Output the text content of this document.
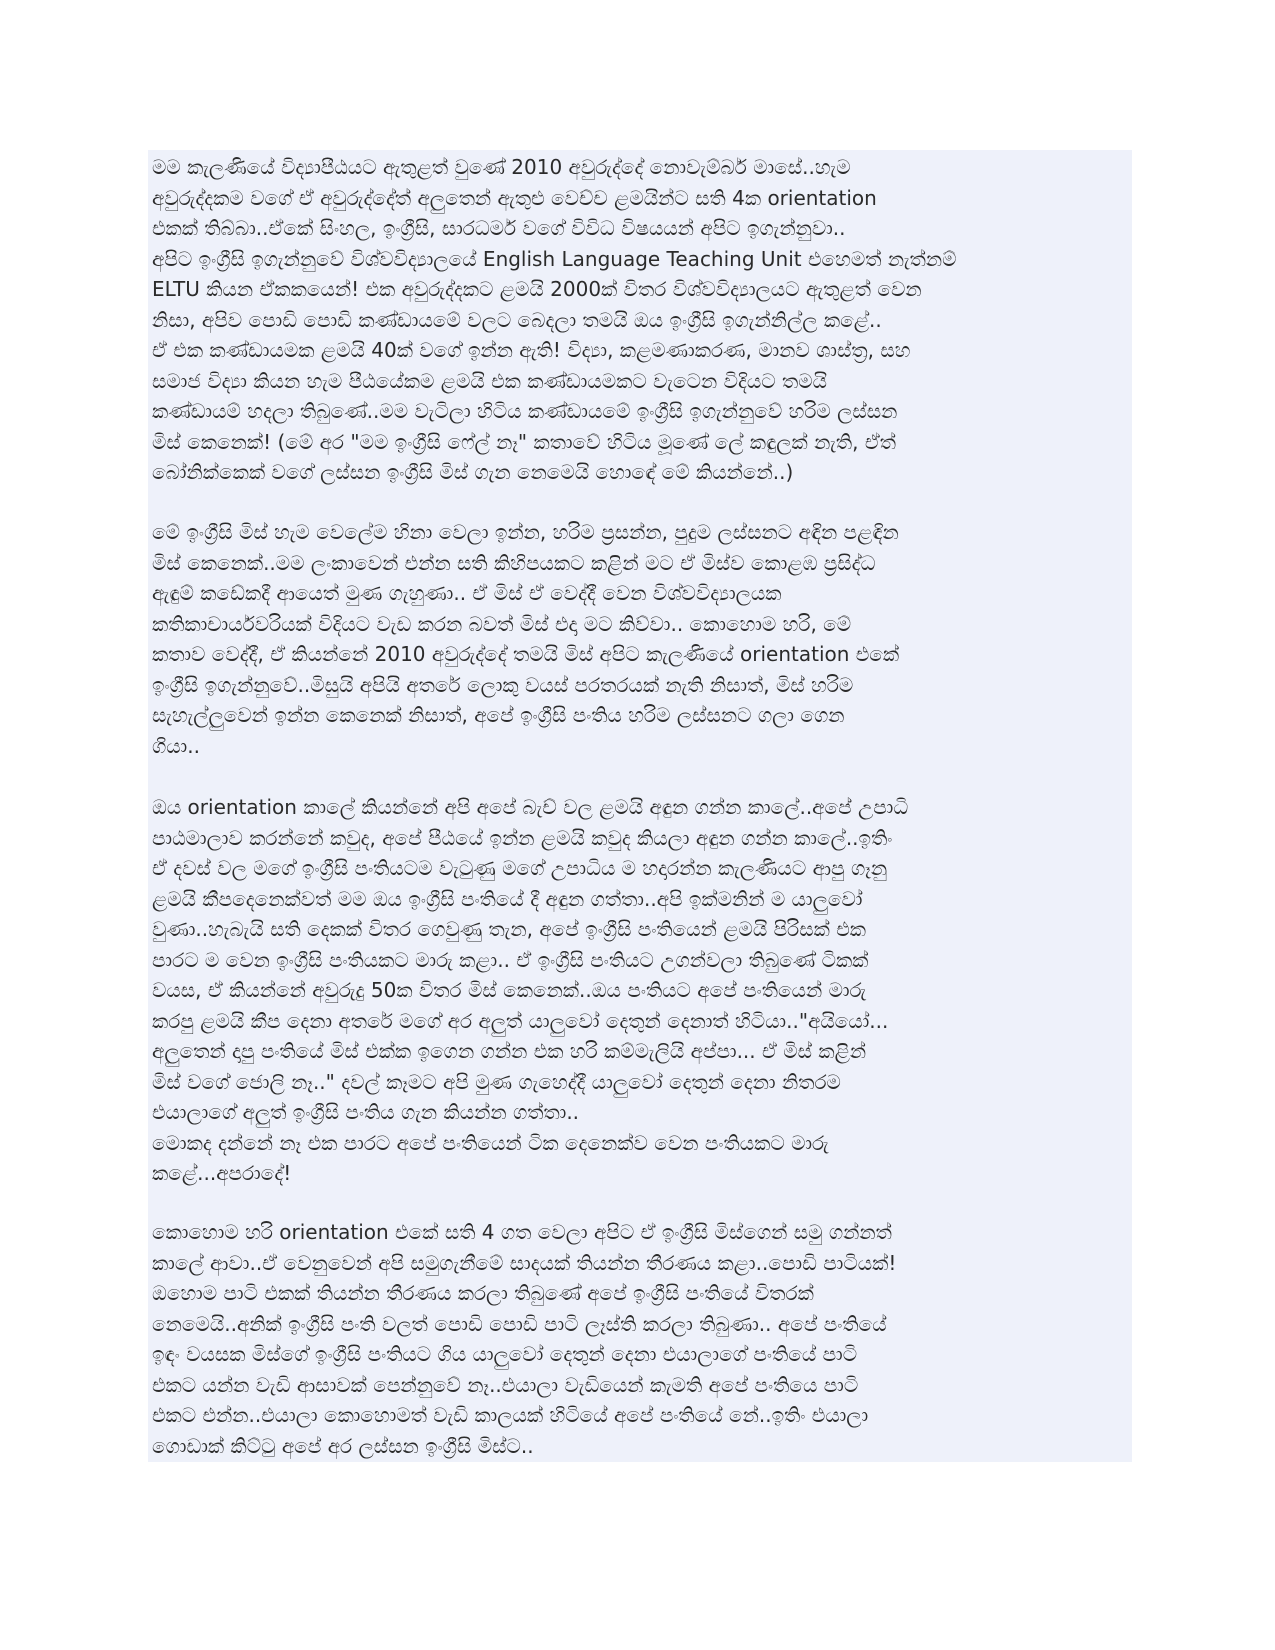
මම කැලණියේ විද්‍යාපීඨයට ඇතුළත් වුණේ 2010 අවුරුද්දේ නොවැම්බර් මාසේ..හැම
අවුරුද්දකම වගේ ඒ අවුරුද්දේත් අලුතෙන් ඇතුළු වෙච්ච ළමයින්ට සති 4ක orientation
එකක් තිබ්බා..ඒකේ සිංහල, ඉංග්‍රීසි, සාරධර්ම වගේ විවිධ විෂයයන් අපිට ඉගැන්නුවා..
අපිට ඉංග්‍රීසි ඉගැන්නුවේ විශ්වවිද්‍යාලයේ English Language Teaching Unit එහෙමත් නැත්නම්
ELTU කියන ඒකකයෙන්! එක අවුරුද්දකට ළමයි 2000ක් විතර විශ්වවිද්‍යාලයට ඇතුළත් වෙන
නිසා, අපිව පොඩි පොඩි කණ්ඩායමේ වලට බෙදලා තමයි ඔය ඉංග්‍රීසි ඉගැන්නිල්ල කළේ..
ඒ එක කණ්ඩායමක ළමයි 40ක් වගේ ඉන්න ඇති! විද්‍යා, කළමණාකරණ, මානව ශාස්ත්‍ර, සහ
සමාජ විද්‍යා කියන හැම පීඨයේකම ළමයි එක කණ්ඩායමකට වැටෙන විදියට තමයි
කණ්ඩායම් හදලා තිබුණේ..මම වැටිලා හිටිය කණ්ඩායමේ ඉංග්‍රීසි ඉගැන්නුවේ හරිම ලස්සන
මිස් කෙනෙක්! (මේ අර "මම ඉංග්‍රීසි ෆේල් නෑ" කතාවේ හිටිය මූණේ ලේ කඳුලක් නැති, ඒත්
බෝනික්කෙක් වගේ ලස්සන ඉංග්‍රීසි මිස් ගැන නෙමෙයි හොඳේ මේ කියන්නේ..)

මේ ඉංග්‍රීසි මිස් හැම වෙලේම හිනා වෙලා ඉන්න, හරිම ප්‍රසන්න, පුදුම ලස්සනට අඳින පළඳින
මිස් කෙනෙක්..මම ලංකාවෙන් එන්න සති කිහිපයකට කළින් මට ඒ මිස්ව කොළඹ ප්‍රසිද්ධ
ඇඳුම් කඩේකදී ආයෙත් මුණ ගැහුණා.. ඒ මිස් ඒ වෙද්දී වෙන විශ්වවිද්‍යාලයක
කතිකාචාර්යවරියක් විදියට වැඩ කරන බවත් මිස් එදා මට කිව්වා.. කොහොම හරි, මේ
කතාව වෙද්දී, ඒ කියන්නේ 2010 අවුරුද්දේ තමයි මිස් අපිට කැලණියේ orientation එකේ
ඉංග්‍රීසි ඉගැන්නුවේ..මිසුයි අපියි අතරේ ලොකු වයස් පරතරයක් නැති නිසාත්, මිස් හරිම
සැහැල්ලුවෙන් ඉන්න කෙනෙක් නිසාත්, අපේ ඉංග්‍රීසි පංතිය හරිම ලස්සනට ගලා ගෙන
ගියා..

ඔය orientation කාලේ කියන්නේ අපි අපේ බැච් වල ළමයි අඳුන ගන්න කාලේ..අපේ උපාධි
පාඨමාලාව කරන්නේ කවුද, අපේ පීඨයේ ඉන්න ළමයි කවුද කියලා අඳුන ගන්න කාලේ..ඉතිං
ඒ දවස් වල මගේ ඉංග්‍රීසි පංතියටම වැටුණු මගේ උපාධිය ම හදාරන්න කැලණියට ආපු ගෑනු
ළමයි කීපදෙනෙක්වත් මම ඔය ඉංග්‍රීසි පංතියේ දී අඳුන ගත්තා..අපි ඉක්මනින් ම යාලුවෝ
වුණා..හැබැයි සති දෙකක් විතර ගෙවුණු තැන, අපේ ඉංග්‍රීසි පංතියෙන් ළමයි පිරිසක් එක
පාරට ම වෙන ඉංග්‍රීසි පංතියකට මාරු කළා.. ඒ ඉංග්‍රීසි පංතියට උගන්වලා තිබුණේ ටිකක්
වයස, ඒ කියන්නේ අවුරුදු 50ක විතර මිස් කෙනෙක්..ඔය පංතියට අපේ පංතියෙන් මාරු
කරපු ළමයි කීප දෙනා අතරේ මගේ අර අලුත් යාලුවෝ දෙතුන් දෙනාත් හිටියා.."අයියෝ...
අලුතෙන් දාපු පංතියේ මිස් එක්ක ඉගෙන ගන්න එක හරි කම්මැලියි අප්පා... ඒ මිස් කළින්
මිස් වගේ ජොලි නෑ.." දවල් කෑමට අපි මුණ ගැහෙද්දී යාලුවෝ දෙතුන් දෙනා නිතරම
එයාලාගේ අලුත් ඉංග්‍රීසි පංතිය ගැන කියන්න ගත්තා..
මොකද දන්නේ නෑ එක පාරට අපේ පංතියෙන් ටික දෙනෙක්ව වෙන පංතියකට මාරු
කළේ...අපරාදේ!

කොහොම හරි orientation එකේ සති 4 ගත වෙලා අපිට ඒ ඉංග්‍රීසි මිස්ගෙන් සමු ගන්නත්
කාලේ ආවා..ඒ වෙනුවෙන් අපි සමුගැනීමේ සාදයක් තියන්න තීරණය කළා..පොඩි පාටියක්!
ඔහොම පාටි එකක් තියන්න තීරණය කරලා තිබුණේ අපේ ඉංග්‍රීසි පංතියේ විතරක්
නෙමෙයි..අනික් ඉංග්‍රීසි පංති වලත් පොඩි පොඩි පාටි ලෑස්ති කරලා තිබුණා.. අපේ පංතියේ
ඉඳං වයසක මිස්ගේ ඉංග්‍රීසි පංතියට ගිය යාලුවෝ දෙතුන් දෙනා එයාලාගේ පංතියේ පාටි
එකට යන්න වැඩි ආසාවක් පෙන්නුවේ නෑ..එයාලා වැඩියෙන් කැමති අපේ පංතියෙ පාටි
එකට එන්න..එයාලා කොහොමත් වැඩි කාලයක් හිටියේ අපේ පංතියේ නේ..ඉතිං එයාලා
ගොඩාක් කිට්ටු අපේ අර ලස්සන ඉංග්‍රීසි මිස්ට..
